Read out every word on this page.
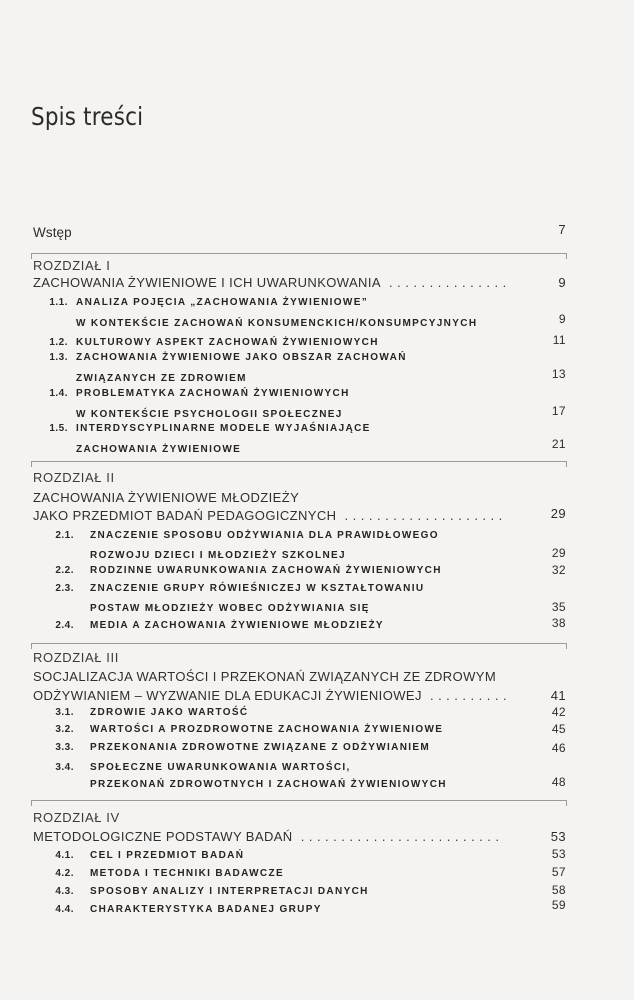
Spis treści
Wstęp	7
ROZDZIAŁ I
ZACHOWANIA ŻYWIENIOWE I ICH UWARUNKOWANIA ...............	9
1.1. ANALIZA POJĘCIA „ZACHOWANIA ŻYWIENIOWE”
W KONTEKŚCIE ZACHOWAŃ KONSUMENCKICH/KONSUMPCYJNYCH	9
1.2. KULTUROWY ASPEKT ZACHOWAŃ ŻYWIENIOWYCH	11
1.3. ZACHOWANIA ŻYWIENIOWE JAKO OBSZAR ZACHOWAŃ
ZWIĄZANYCH ZE ZDROWIEM	13
1.4. PROBLEMATYKA ZACHOWAŃ ŻYWIENIOWYCH
W KONTEKŚCIE PSYCHOLOGII SPOŁECZNEJ	17
1.5. INTERDYSCYPLINARNE MODELE WYJAŚNIAJĄCE
ZACHOWANIA ŻYWIENIOWE	21
ROZDZIAŁ II
ZACHOWANIA ŻYWIENIOWE MŁODZIEŻY
JAKO PRZEDMIOT BADAŃ PEDAGOGICZNYCH ....................	29
2.1. ZNACZENIE SPOSOBU ODŻYWIANIA DLA PRAWIDŁOWEGO
ROZWOJU DZIECI I MŁODZIEŻY SZKOLNEJ	29
2.2. RODZINNE UWARUNKOWANIA ZACHOWAŃ ŻYWIENIOWYCH	32
2.3. ZNACZENIE GRUPY RÓWIEŚNICZEJ W KSZTAŁTOWANIU
POSTAW MŁODZIEŻY WOBEC ODŻYWIANIA SIĘ	35
2.4. MEDIA A ZACHOWANIA ŻYWIENIOWE MŁODZIEŻY	38
ROZDZIAŁ III
SOCJALIZACJA WARTOŚCI I PRZEKONAŃ ZWIĄZANYCH ZE ZDROWYM
ODŻYWIANIEM – WYZWANIE DLA EDUKACJI ŻYWIENIOWEJ ..........	41
3.1. ZDROWIE JAKO WARTOŚĆ	42
3.2. WARTOŚCI A PROZDROWOTNE ZACHOWANIA ŻYWIENIOWE	45
3.3. PRZEKONANIA ZDROWOTNE ZWIĄZANE Z ODŻYWIANIEM	46
3.4. SPOŁECZNE UWARUNKOWANIA WARTOŚCI,
PRZEKONAŃ ZDROWOTNYCH I ZACHOWAŃ ŻYWIENIOWYCH	48
ROZDZIAŁ IV
METODOLOGICZNE PODSTAWY BADAŃ .........................	53
4.1. CEL I PRZEDMIOT BADAŃ	53
4.2. METODA I TECHNIKI BADAWCZE	57
4.3. SPOSOBY ANALIZY I INTERPRETACJI DANYCH	58
4.4. CHARAKTERYSTYKA BADANEJ GRUPY	59
